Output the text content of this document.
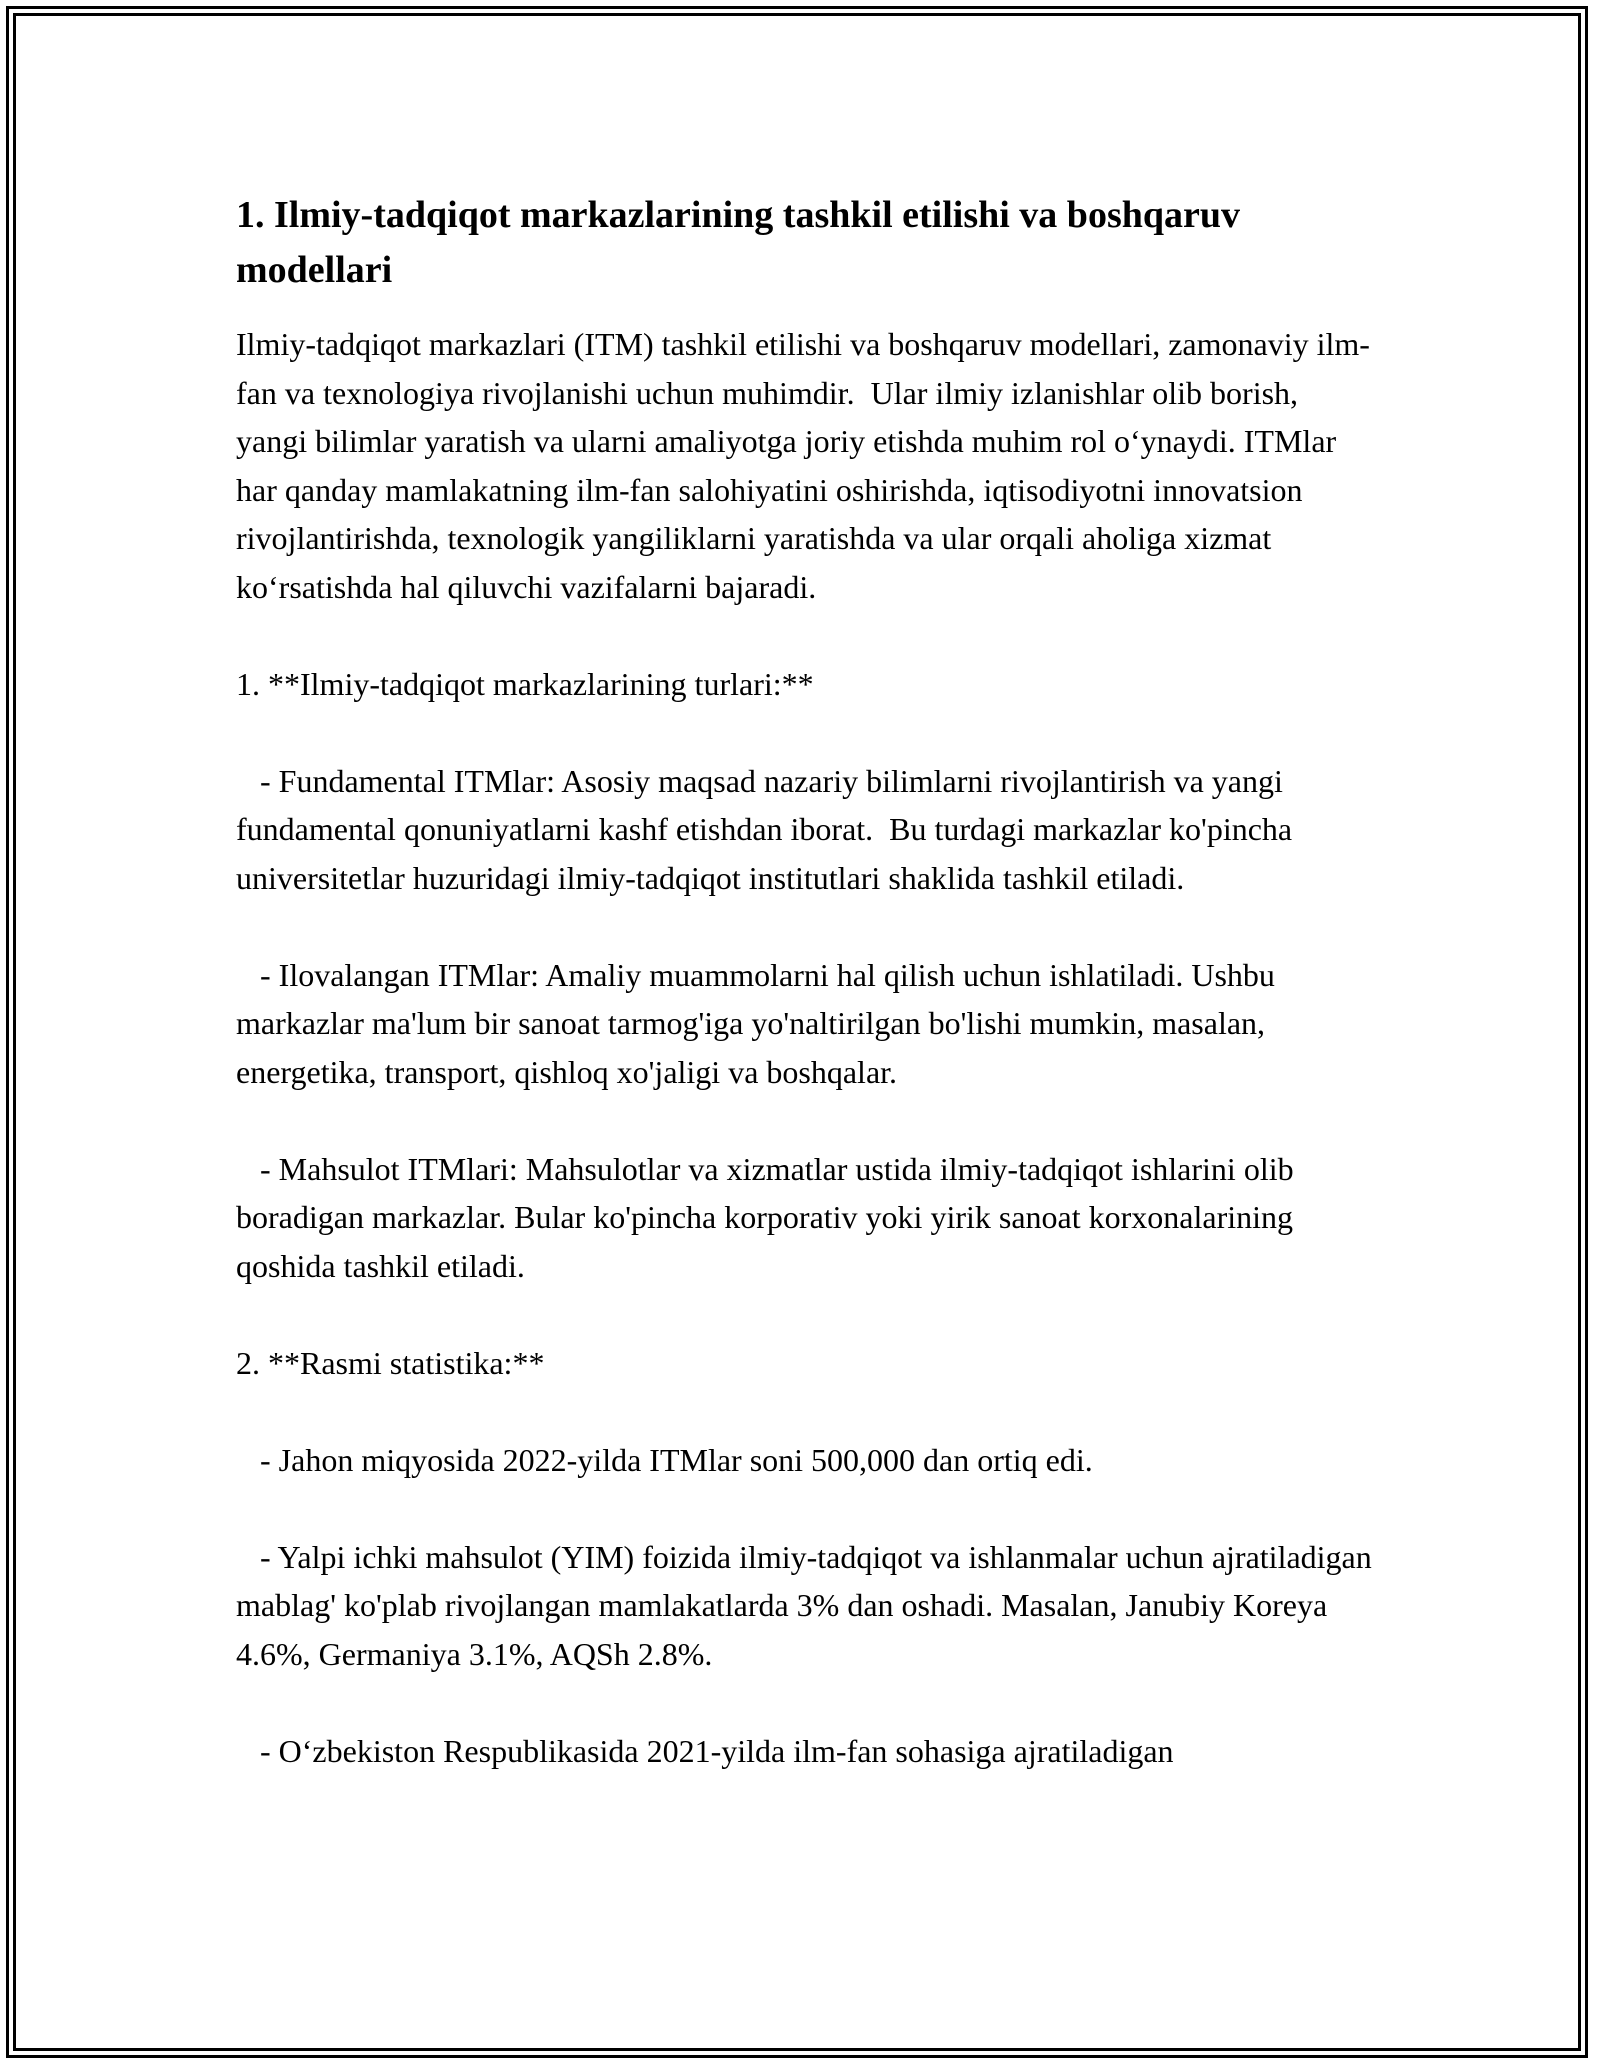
1. Ilmiy-tadqiqot markazlarining tashkil etilishi va boshqaruv modellari

Ilmiy-tadqiqot markazlari (ITM) tashkil etilishi va boshqaruv modellari, zamonaviy ilm-fan va texnologiya rivojlanishi uchun muhimdir.  Ular ilmiy izlanishlar olib borish, yangi bilimlar yaratish va ularni amaliyotga joriy etishda muhim rol o‘ynaydi. ITMlar har qanday mamlakatning ilm-fan salohiyatini oshirishda, iqtisodiyotni innovatsion rivojlantirishda, texnologik yangiliklarni yaratishda va ular orqali aholiga xizmat ko‘rsatishda hal qiluvchi vazifalarni bajaradi.

1. **Ilmiy-tadqiqot markazlarining turlari:**

- Fundamental ITMlar: Asosiy maqsad nazariy bilimlarni rivojlantirish va yangi fundamental qonuniyatlarni kashf etishdan iborat.  Bu turdagi markazlar ko'pincha universitetlar huzuridagi ilmiy-tadqiqot institutlari shaklida tashkil etiladi.

- Ilovalangan ITMlar: Amaliy muammolarni hal qilish uchun ishlatiladi. Ushbu markazlar ma'lum bir sanoat tarmog'iga yo'naltirilgan bo'lishi mumkin, masalan, energetika, transport, qishloq xo'jaligi va boshqalar.

- Mahsulot ITMlari: Mahsulotlar va xizmatlar ustida ilmiy-tadqiqot ishlarini olib boradigan markazlar. Bular ko'pincha korporativ yoki yirik sanoat korxonalarining qoshida tashkil etiladi.

2. **Rasmi statistika:**

- Jahon miqyosida 2022-yilda ITMlar soni 500,000 dan ortiq edi.

- Yalpi ichki mahsulot (YIM) foizida ilmiy-tadqiqot va ishlanmalar uchun ajratiladigan mablag' ko'plab rivojlangan mamlakatlarda 3% dan oshadi. Masalan, Janubiy Koreya 4.6%, Germaniya 3.1%, AQSh 2.8%.

- O‘zbekiston Respublikasida 2021-yilda ilm-fan sohasiga ajratiladigan
